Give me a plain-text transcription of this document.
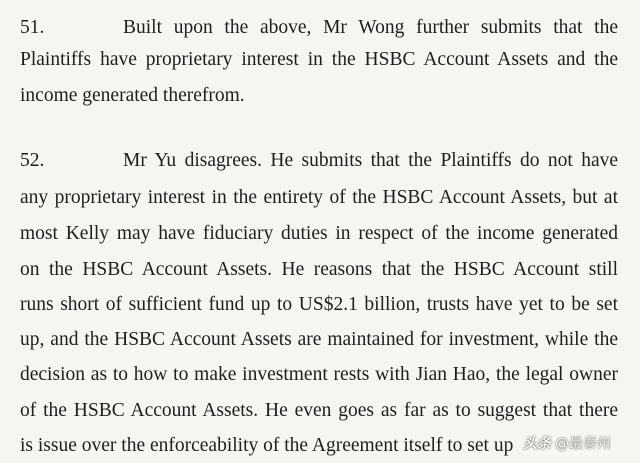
51.	Built upon the above, Mr Wong further submits that the
Plaintiffs have proprietary interest in the HSBC Account Assets and the
income generated therefrom.
52.	Mr Yu disagrees. He submits that the Plaintiffs do not have
any proprietary interest in the entirety of the HSBC Account Assets, but at
most Kelly may have fiduciary duties in respect of the income generated
on the HSBC Account Assets. He reasons that the HSBC Account still
runs short of sufficient fund up to US$2.1 billion, trusts have yet to be set
up, and the HSBC Account Assets are maintained for investment, while the
decision as to how to make investment rests with Jian Hao, the legal owner
of the HSBC Account Assets. He even goes as far as to suggest that there
is issue over the enforceability of the Agreement itself to set up 头条 @最泰州
